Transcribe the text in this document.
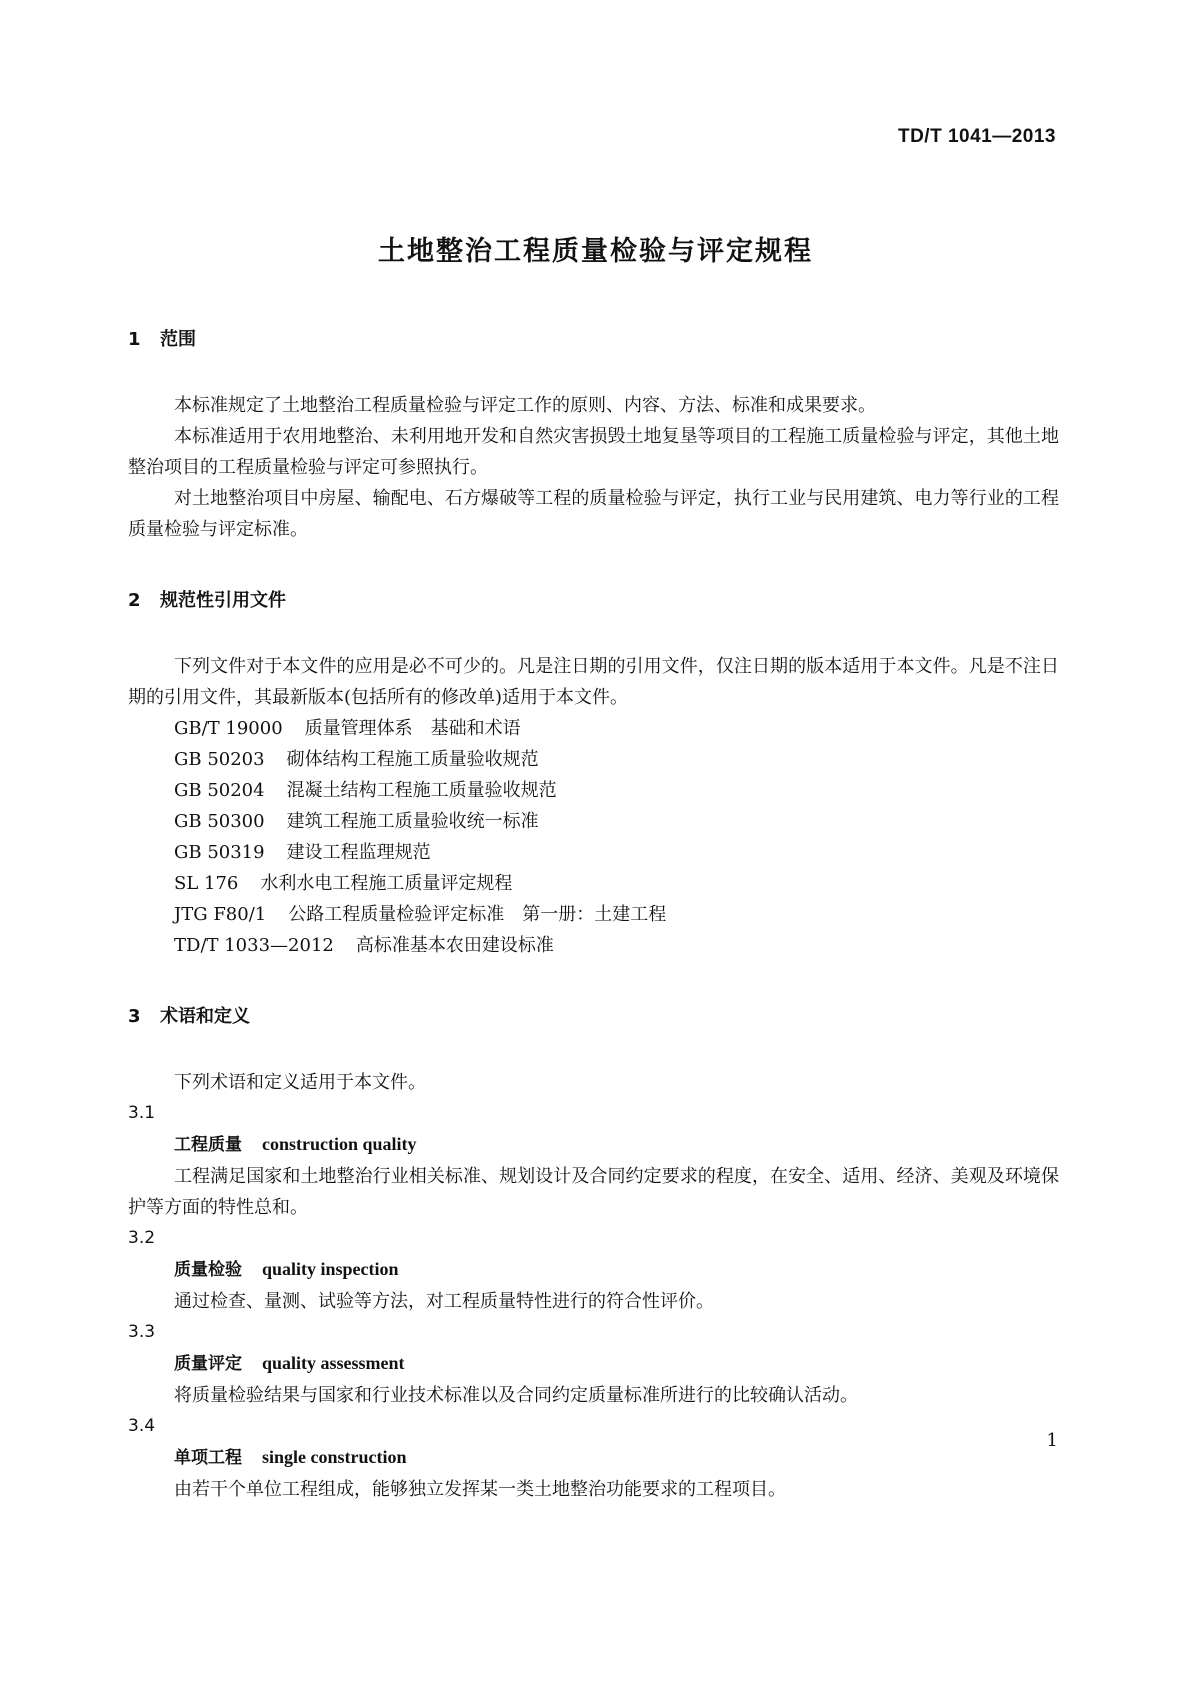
TD/T 1041—2013
土地整治工程质量检验与评定规程
1 范围

本标准规定了土地整治工程质量检验与评定工作的原则、内容、方法、标准和成果要求。

本标准适用于农用地整治、未利用地开发和自然灾害损毁土地复垦等项目的工程施工质量检验与评定，其他土地整治项目的工程质量检验与评定可参照执行。

对土地整治项目中房屋、输配电、石方爆破等工程的质量检验与评定，执行工业与民用建筑、电力等行业的工程质量检验与评定标准。

2 规范性引用文件

下列文件对于本文件的应用是必不可少的。凡是注日期的引用文件，仅注日期的版本适用于本文件。凡是不注日期的引用文件，其最新版本(包括所有的修改单)适用于本文件。

GB/T 19000 质量管理体系　基础和术语
GB 50203 砌体结构工程施工质量验收规范
GB 50204 混凝土结构工程施工质量验收规范
GB 50300 建筑工程施工质量验收统一标准
GB 50319 建设工程监理规范
SL 176 水利水电工程施工质量评定规程
JTG F80/1 公路工程质量检验评定标准　第一册：土建工程
TD/T 1033—2012 高标准基本农田建设标准
3 术语和定义

下列术语和定义适用于本文件。

3.1

工程质量 construction quality

工程满足国家和土地整治行业相关标准、规划设计及合同约定要求的程度，在安全、适用、经济、美观及环境保护等方面的特性总和。

3.2

质量检验 quality inspection

通过检查、量测、试验等方法，对工程质量特性进行的符合性评价。

3.3

质量评定 quality assessment

将质量检验结果与国家和行业技术标准以及合同约定质量标准所进行的比较确认活动。

3.4

单项工程 single construction

由若干个单位工程组成，能够独立发挥某一类土地整治功能要求的工程项目。

1
